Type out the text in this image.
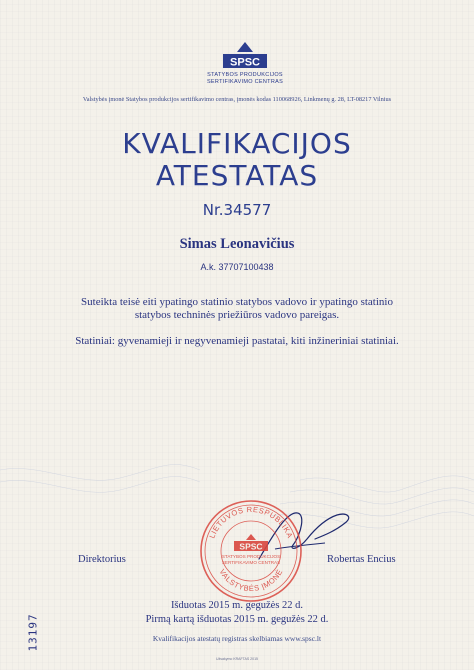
SPSC
STATYBOS PRODUKCIJOS
SERTIFIKAVIMO CENTRAS
Valstybės įmonė Statybos produkcijos sertifikavimo centras, įmonės kodas 110068926, Linkmenų g. 28, LT-08217 Vilnius
KVALIFIKACIJOS
ATESTATAS
Nr.34577
Simas Leonavičius
A.k. 37707100438
Suteikta teisė eiti ypatingo statinio statybos vadovo ir ypatingo statinio statybos techninės priežiūros vadovo pareigas.
Statiniai: gyvenamieji ir negyvenamieji pastatai, kiti inžineriniai statiniai.
Direktorius	Robertas Encius
LIETUVOS RESPUBLIKA
VALSTYBĖS ĮMONĖ
SPSC
STATYBOS PRODUKCIJOS
SERTIFIKAVIMO CENTRAS
Išduotas 2015 m. gegužės 22 d.
Pirmą kartą išduotas 2015 m. gegužės 22 d.
Kvalifikacijos atestatų registras skelbiamas www.spsc.lt
Užsakymo KRAFTAS 2015
13197
